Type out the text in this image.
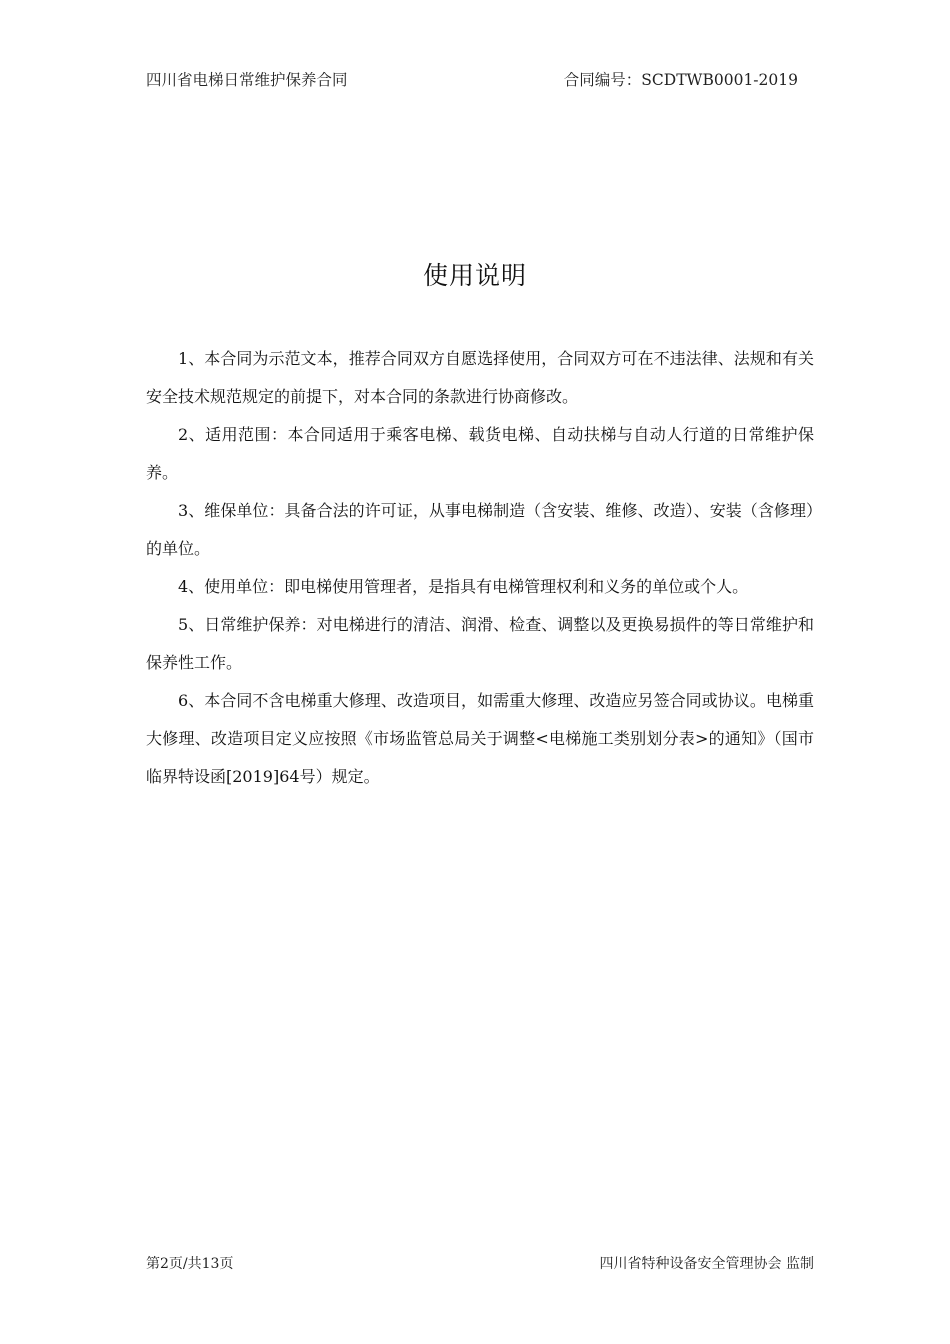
四川省电梯日常维护保养合同	合同编号：SCDTWB0001-2019
使用说明

1、本合同为示范文本，推荐合同双方自愿选择使用，合同双方可在不违法律、法规和有关安全技术规范规定的前提下，对本合同的条款进行协商修改。

2、适用范围：本合同适用于乘客电梯、载货电梯、自动扶梯与自动人行道的日常维护保养。

3、维保单位：具备合法的许可证，从事电梯制造（含安装、维修、改造）、安装（含修理）的单位。

4、使用单位：即电梯使用管理者，是指具有电梯管理权利和义务的单位或个人。

5、日常维护保养：对电梯进行的清洁、润滑、检查、调整以及更换易损件的等日常维护和保养性工作。

6、本合同不含电梯重大修理、改造项目，如需重大修理、改造应另签合同或协议。电梯重大修理、改造项目定义应按照《市场监管总局关于调整<电梯施工类别划分表>的通知》（国市临界特设函[2019]64号）规定。

第2页/共13页	四川省特种设备安全管理协会 监制
